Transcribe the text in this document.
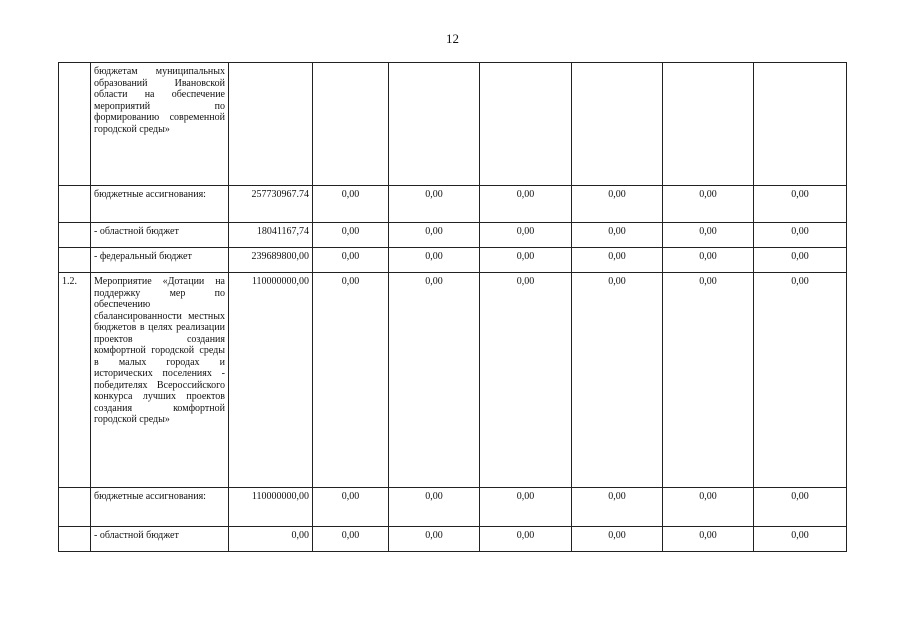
12
	бюджетам муниципальных образований Ивановской области на обеспечение мероприятий по формированию современной городской среды»							
	бюджетные ассигнования:	257730967.74	0,00	0,00	0,00	0,00	0,00	0,00
	- областной бюджет	18041167,74	0,00	0,00	0,00	0,00	0,00	0,00
	- федеральный бюджет	239689800,00	0,00	0,00	0,00	0,00	0,00	0,00
1.2.	Мероприятие «Дотации на поддержку мер по обеспечению сбалансированности местных бюджетов в целях реализации проектов создания комфортной городской среды в малых городах и исторических поселениях - победителях Всероссийского конкурса лучших проектов создания комфортной городской среды»	110000000,00	0,00	0,00	0,00	0,00	0,00	0,00
	бюджетные ассигнования:	110000000,00	0,00	0,00	0,00	0,00	0,00	0,00
	- областной бюджет	0,00	0,00	0,00	0,00	0,00	0,00	0,00
